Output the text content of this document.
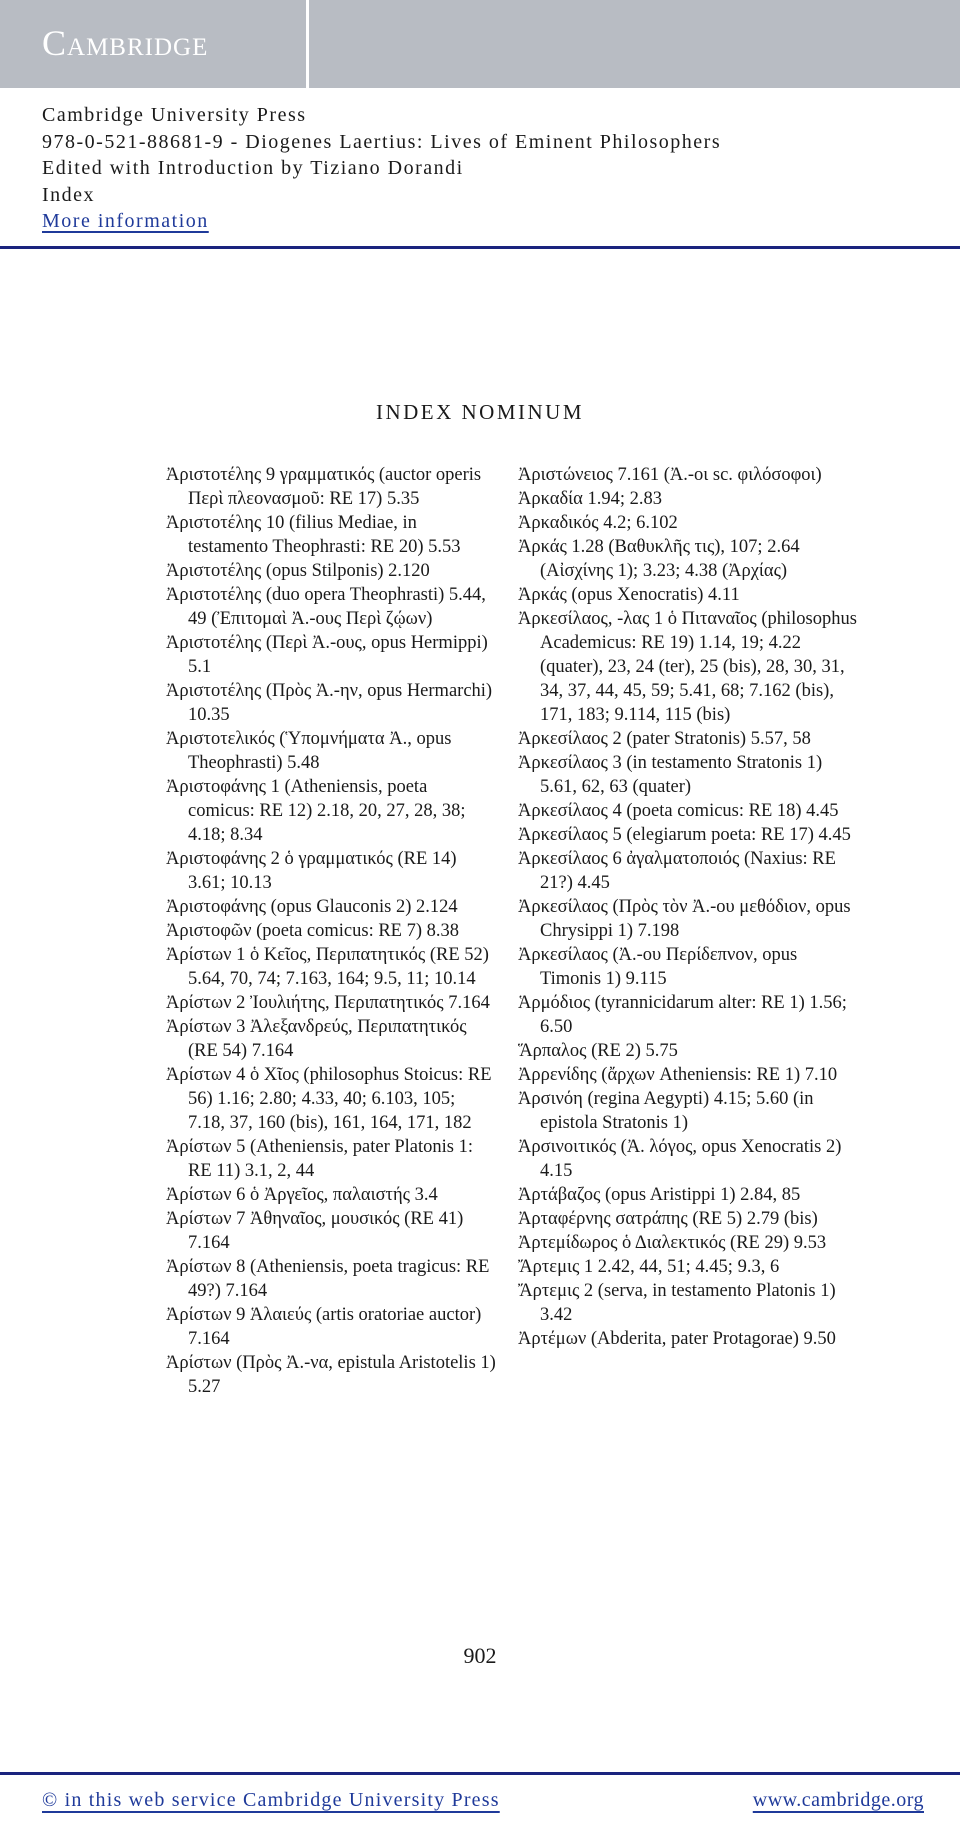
Cambridge
Cambridge University Press
978-0-521-88681-9 - Diogenes Laertius: Lives of Eminent Philosophers
Edited with Introduction by Tiziano Dorandi
Index
More information
INDEX NOMINUM

Ἀριστοτέλης 9 γραμματικός (auctor operis Περὶ πλεονασμοῦ: RE 17) 5.35

Ἀριστοτέλης 10 (filius Mediae, in testamento Theophrasti: RE 20) 5.53

Ἀριστοτέλης (opus Stilponis) 2.120

Ἀριστοτέλης (duo opera Theophrasti) 5.44, 49 (Ἐπιτομαὶ Ἀ.-ους Περὶ ζῴων)

Ἀριστοτέλης (Περὶ Ἀ.-ους, opus Hermippi) 5.1

Ἀριστοτέλης (Πρὸς Ἀ.-ην, opus Hermarchi) 10.35

Ἀριστοτελικός (Ὑπομνήματα Ἀ., opus Theophrasti) 5.48

Ἀριστοφάνης 1 (Atheniensis, poeta comicus: RE 12) 2.18, 20, 27, 28, 38; 4.18; 8.34

Ἀριστοφάνης 2 ὁ γραμματικός (RE 14) 3.61; 10.13

Ἀριστοφάνης (opus Glauconis 2) 2.124

Ἀριστοφῶν (poeta comicus: RE 7) 8.38

Ἀρίστων 1 ὁ Κεῖος, Περιπατητικός (RE 52) 5.64, 70, 74; 7.163, 164; 9.5, 11; 10.14

Ἀρίστων 2 Ἰουλιήτης, Περιπατητικός 7.164

Ἀρίστων 3 Ἀλεξανδρεύς, Περιπατητικός (RE 54) 7.164

Ἀρίστων 4 ὁ Χῖος (philosophus Stoicus: RE 56) 1.16; 2.80; 4.33, 40; 6.103, 105; 7.18, 37, 160 (bis), 161, 164, 171, 182

Ἀρίστων 5 (Atheniensis, pater Platonis 1: RE 11) 3.1, 2, 44

Ἀρίστων 6 ὁ Ἀργεῖος, παλαιστής 3.4

Ἀρίστων 7 Ἀθηναῖος, μουσικός (RE 41) 7.164

Ἀρίστων 8 (Atheniensis, poeta tragicus: RE 49?) 7.164

Ἀρίστων 9 Ἁλαιεύς (artis oratoriae auctor) 7.164

Ἀρίστων (Πρὸς Ἀ.-να, epistula Aristotelis 1) 5.27

Ἀριστώνειος 7.161 (Ἀ.-οι sc. φιλόσοφοι)

Ἀρκαδία 1.94; 2.83

Ἀρκαδικός 4.2; 6.102

Ἀρκάς 1.28 (Βαθυκλῆς τις), 107; 2.64 (Αἰσχίνης 1); 3.23; 4.38 (Ἀρχίας)

Ἀρκάς (opus Xenocratis) 4.11

Ἀρκεσίλαος, -λας 1 ὁ Πιταναῖος (philosophus Academicus: RE 19) 1.14, 19; 4.22 (quater), 23, 24 (ter), 25 (bis), 28, 30, 31, 34, 37, 44, 45, 59; 5.41, 68; 7.162 (bis), 171, 183; 9.114, 115 (bis)

Ἀρκεσίλαος 2 (pater Stratonis) 5.57, 58

Ἀρκεσίλαος 3 (in testamento Stratonis 1) 5.61, 62, 63 (quater)

Ἀρκεσίλαος 4 (poeta comicus: RE 18) 4.45

Ἀρκεσίλαος 5 (elegiarum poeta: RE 17) 4.45

Ἀρκεσίλαος 6 ἀγαλματοποιός (Naxius: RE 21?) 4.45

Ἀρκεσίλαος (Πρὸς τὸν Ἀ.-ου μεθόδιον, opus Chrysippi 1) 7.198

Ἀρκεσίλαος (Ἀ.-ου Περίδεπνον, opus Timonis 1) 9.115

Ἁρμόδιος (tyrannicidarum alter: RE 1) 1.56; 6.50

Ἅρπαλος (RE 2) 5.75

Ἀρρενίδης (ἄρχων Atheniensis: RE 1) 7.10

Ἀρσινόη (regina Aegypti) 4.15; 5.60 (in epistola Stratonis 1)

Ἀρσινοιτικός (Ἀ. λόγος, opus Xenocratis 2) 4.15

Ἀρτάβαζος (opus Aristippi 1) 2.84, 85

Ἀρταφέρνης σατράπης (RE 5) 2.79 (bis)

Ἀρτεμίδωρος ὁ Διαλεκτικός (RE 29) 9.53

Ἄρτεμις 1 2.42, 44, 51; 4.45; 9.3, 6

Ἄρτεμις 2 (serva, in testamento Platonis 1) 3.42

Ἀρτέμων (Abderita, pater Protagorae) 9.50

902
© in this web service Cambridge University Press	www.cambridge.org
